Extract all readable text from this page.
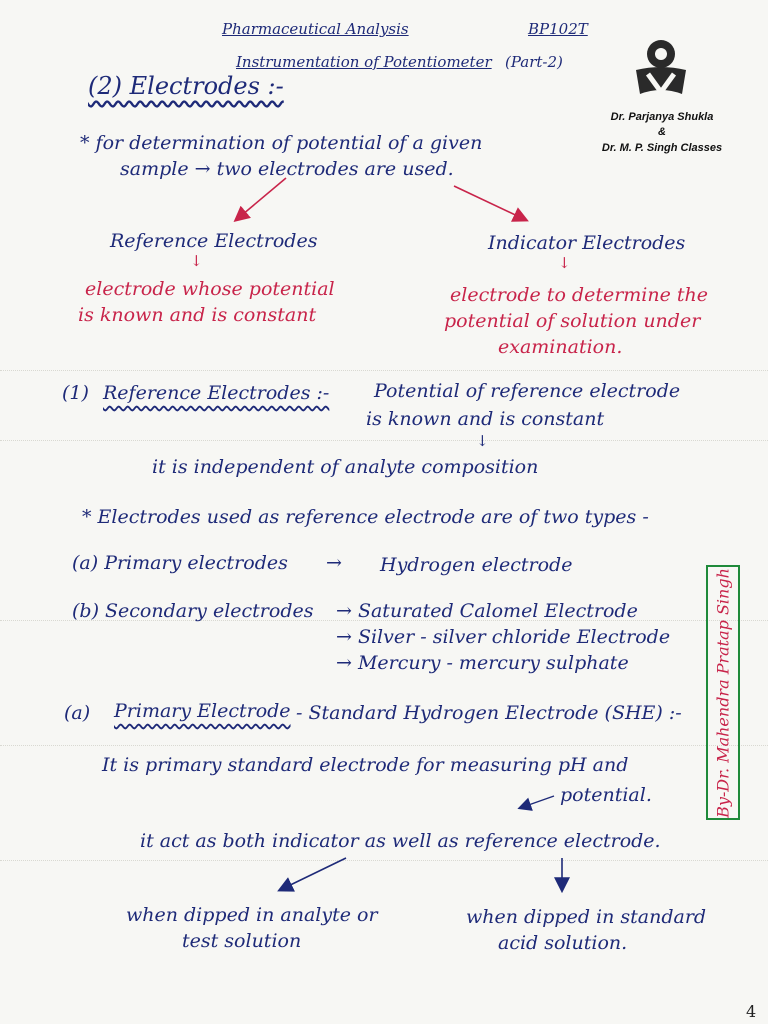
Pharmaceutical Analysis	BP102T
Instrumentation of Potentiometer (Part-2)
Dr. Parjanya Shukla
&
Dr. M. P. Singh Classes
(2) Electrodes :-
* for determination of potential of a given
sample → two electrodes are used.
Reference Electrodes
↓
electrode whose potential
is known and is constant
Indicator Electrodes
↓
electrode to determine the
potential of solution under
examination.
(1) Reference Electrodes :- Potential of reference electrode
is known and is constant
↓
it is independent of analyte composition
* Electrodes used as reference electrode are of two types -
(a) Primary electrodes → Hydrogen electrode
(b) Secondary electrodes → Saturated Calomel Electrode
→ Silver - silver chloride Electrode
→ Mercury - mercury sulphate
(a) Primary Electrode - Standard Hydrogen Electrode (SHE) :-
It is primary standard electrode for measuring pH and
potential.
it act as both indicator as well as reference electrode.
when dipped in analyte or
test solution
when dipped in standard
acid solution.
By-Dr. Mahendra Pratap Singh
4
